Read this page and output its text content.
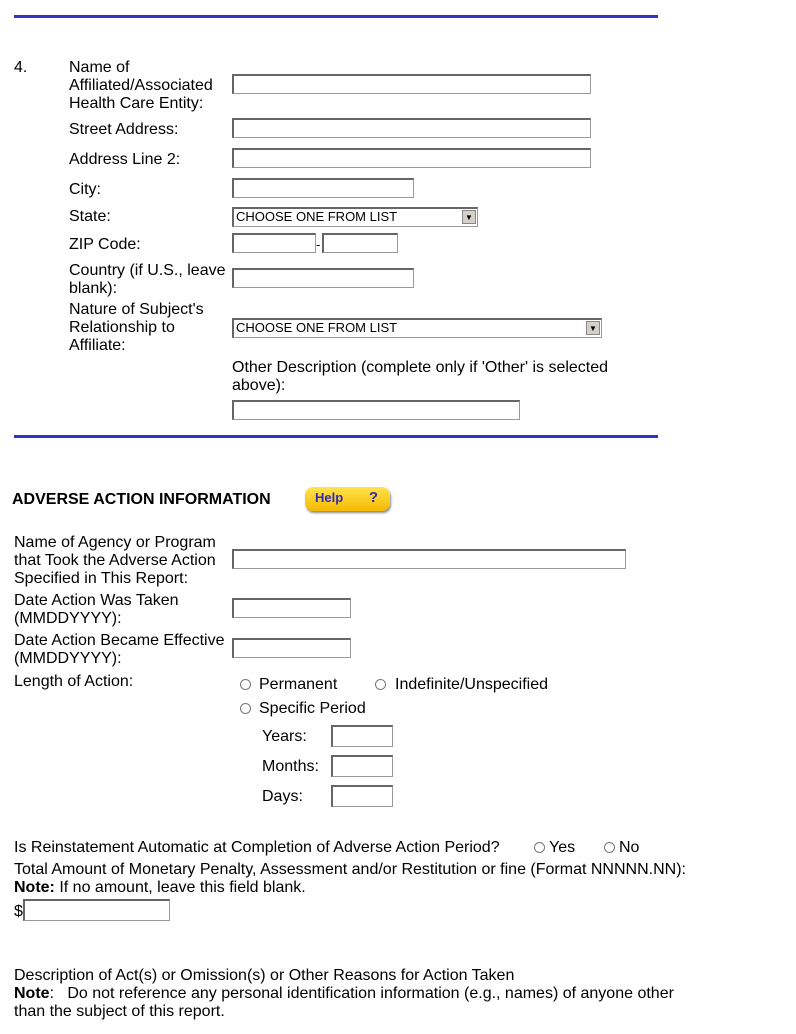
4.	Name of Affiliated/Associated Health Care Entity:
Street Address:
Address Line 2:
City:
State:	CHOOSE ONE FROM LIST	▼
ZIP Code:	-
Country (if U.S., leave blank):
Nature of Subject's Relationship to Affiliate:
CHOOSE ONE FROM LIST	▼
Other Description (complete only if 'Other' is selected above):
ADVERSE ACTION INFORMATION	Help ?
Name of Agency or Program that Took the Adverse Action Specified in This Report:
Date Action Was Taken (MMDDYYYY):
Date Action Became Effective (MMDDYYYY):
Length of Action:	Permanent	Indefinite/Unspecified
Specific Period
Years:
Months:
Days:
Is Reinstatement Automatic at Completion of Adverse Action Period?	Yes	No
Total Amount of Monetary Penalty, Assessment and/or Restitution or fine (Format NNNNN.NN):
Note: If no amount, leave this field blank.
$
Description of Act(s) or Omission(s) or Other Reasons for Action Taken
Note:   Do not reference any personal identification information (e.g., names) of anyone other than the subject of this report.
